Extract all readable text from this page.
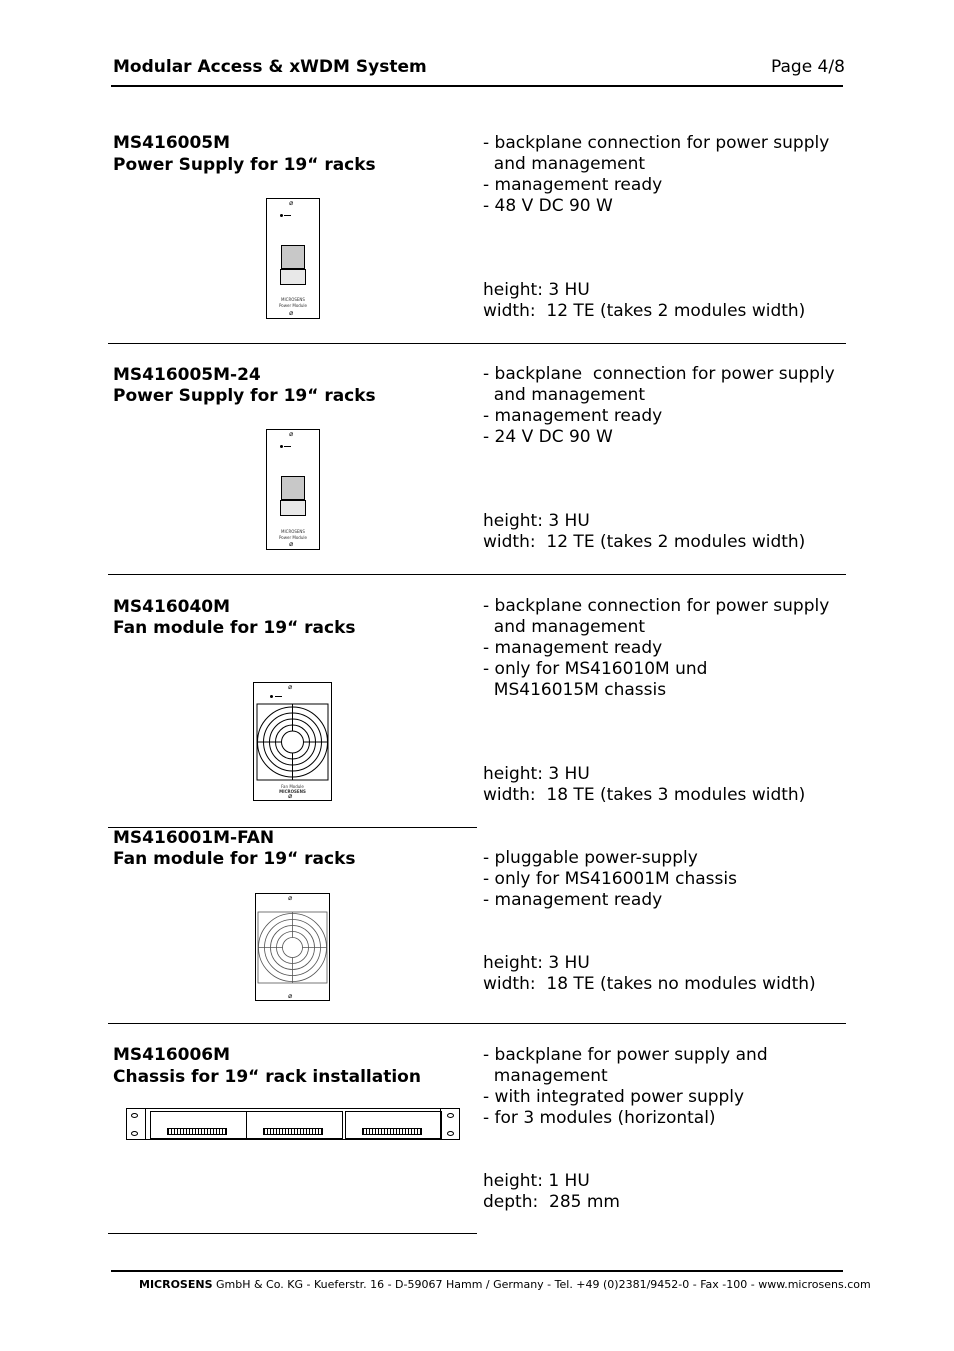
Modular Access & xWDM System	Page 4/8
MS416005M
Power Supply for 19“ racks
- backplane connection for power supply
and management
- management ready
- 48 V DC 90 W
height: 3 HU
width:  12 TE (takes 2 modules width)
⌀
MICROSENS
Power Module
⌀
MS416005M-24
Power Supply for 19“ racks
- backplane  connection for power supply
and management
- management ready
- 24 V DC 90 W
height: 3 HU
width:  12 TE (takes 2 modules width)
⌀
MICROSENS
Power Module
⌀
MS416040M
Fan module for 19“ racks
- backplane connection for power supply
and management
- management ready
- only for MS416010M und
MS416015M chassis
height: 3 HU
width:  18 TE (takes 3 modules width)
⌀
Fan Module
MICROSENS
⌀
MS416001M-FAN
Fan module for 19“ racks	- pluggable power-supply
- only for MS416001M chassis
- management ready
height: 3 HU
width:  18 TE (takes no modules width)
⌀
⌀
MS416006M
Chassis for 19“ rack installation
- backplane for power supply and
management
- with integrated power supply
- for 3 modules (horizontal)
height: 1 HU
depth:  285 mm
MICROSENS GmbH & Co. KG - Kueferstr. 16 - D-59067 Hamm / Germany - Tel. +49 (0)2381/9452-0 - Fax -100 - www.microsens.com
